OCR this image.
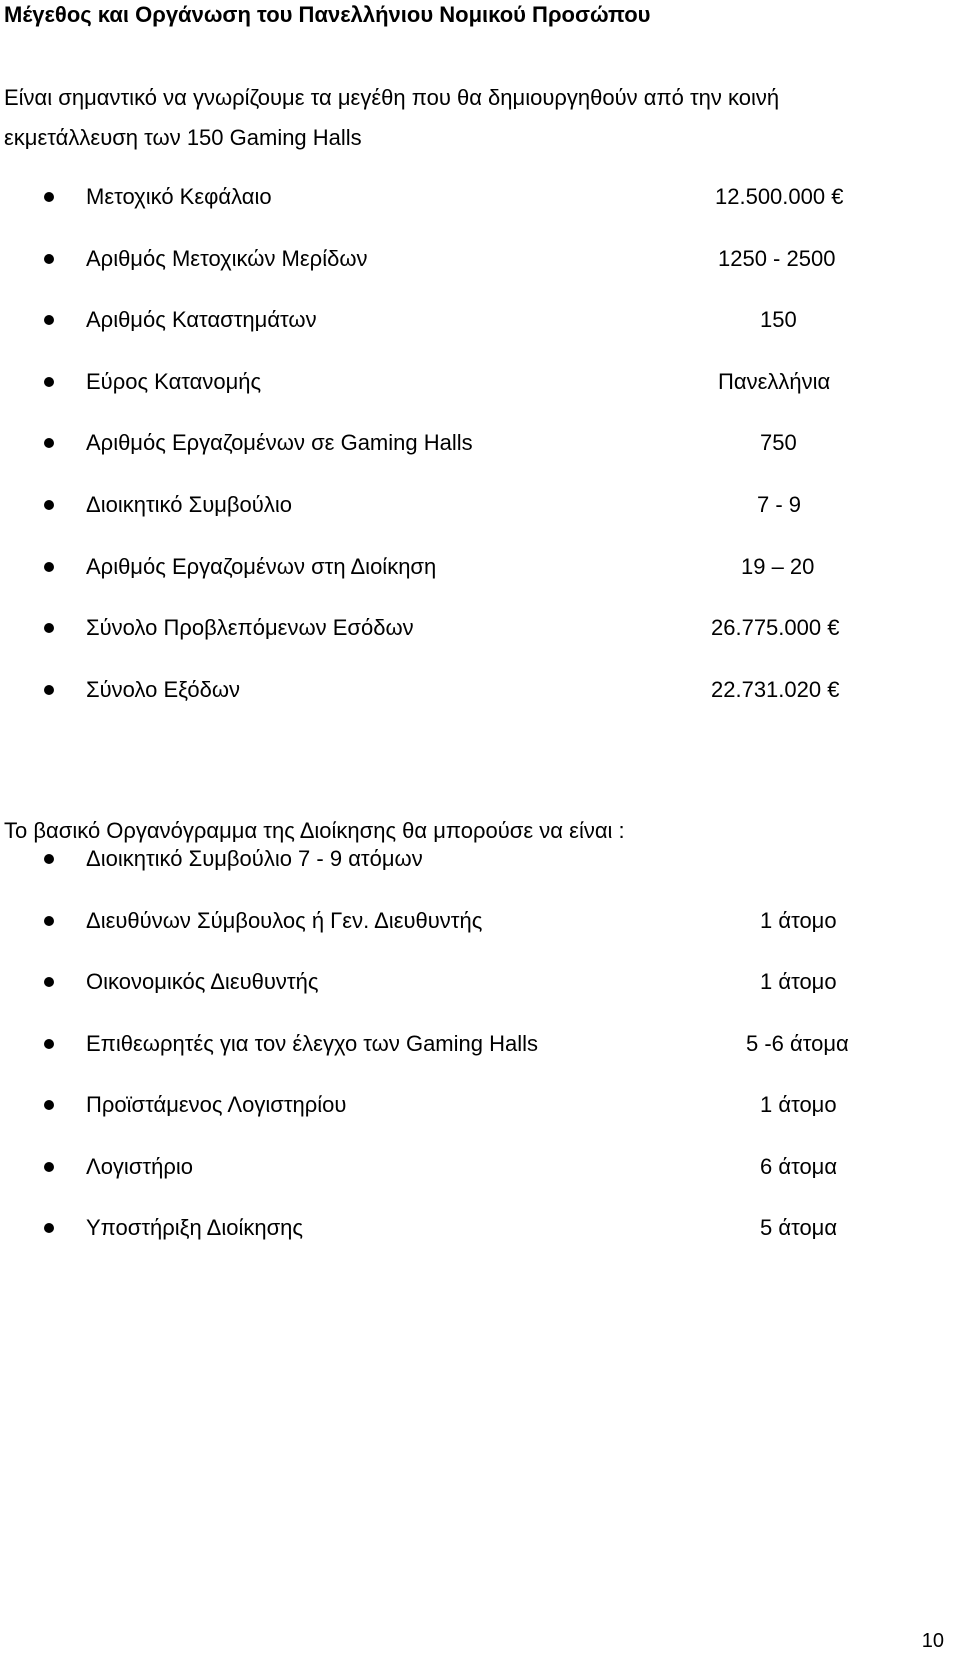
Μέγεθος και Οργάνωση του Πανελλήνιου Νομικού Προσώπου
Είναι σημαντικό να γνωρίζουμε τα μεγέθη που θα δημιουργηθούν από την κοινή εκμετάλλευση των 150 Gaming Halls
Μετοχικό Κεφάλαιο	12.500.000 €
Αριθμός Μετοχικών Μερίδων	1250 - 2500
Αριθμός Καταστημάτων	150
Εύρος Κατανομής	Πανελλήνια
Αριθμός Εργαζομένων σε Gaming Halls	750
Διοικητικό Συμβούλιο	7 - 9
Αριθμός Εργαζομένων στη Διοίκηση	19 – 20
Σύνολο Προβλεπόμενων Εσόδων	26.775.000 €
Σύνολο Εξόδων	22.731.020 €
Το βασικό Οργανόγραμμα της Διοίκησης θα μπορούσε να είναι :
Διοικητικό Συμβούλιο 7 - 9 ατόμων
Διευθύνων Σύμβουλος ή Γεν. Διευθυντής	1 άτομο
Οικονομικός Διευθυντής	1 άτομο
Επιθεωρητές για τον έλεγχο των Gaming Halls	5 -6 άτομα
Προϊστάμενος Λογιστηρίου	1 άτομο
Λογιστήριο	6 άτομα
Υποστήριξη Διοίκησης	5 άτομα
10
